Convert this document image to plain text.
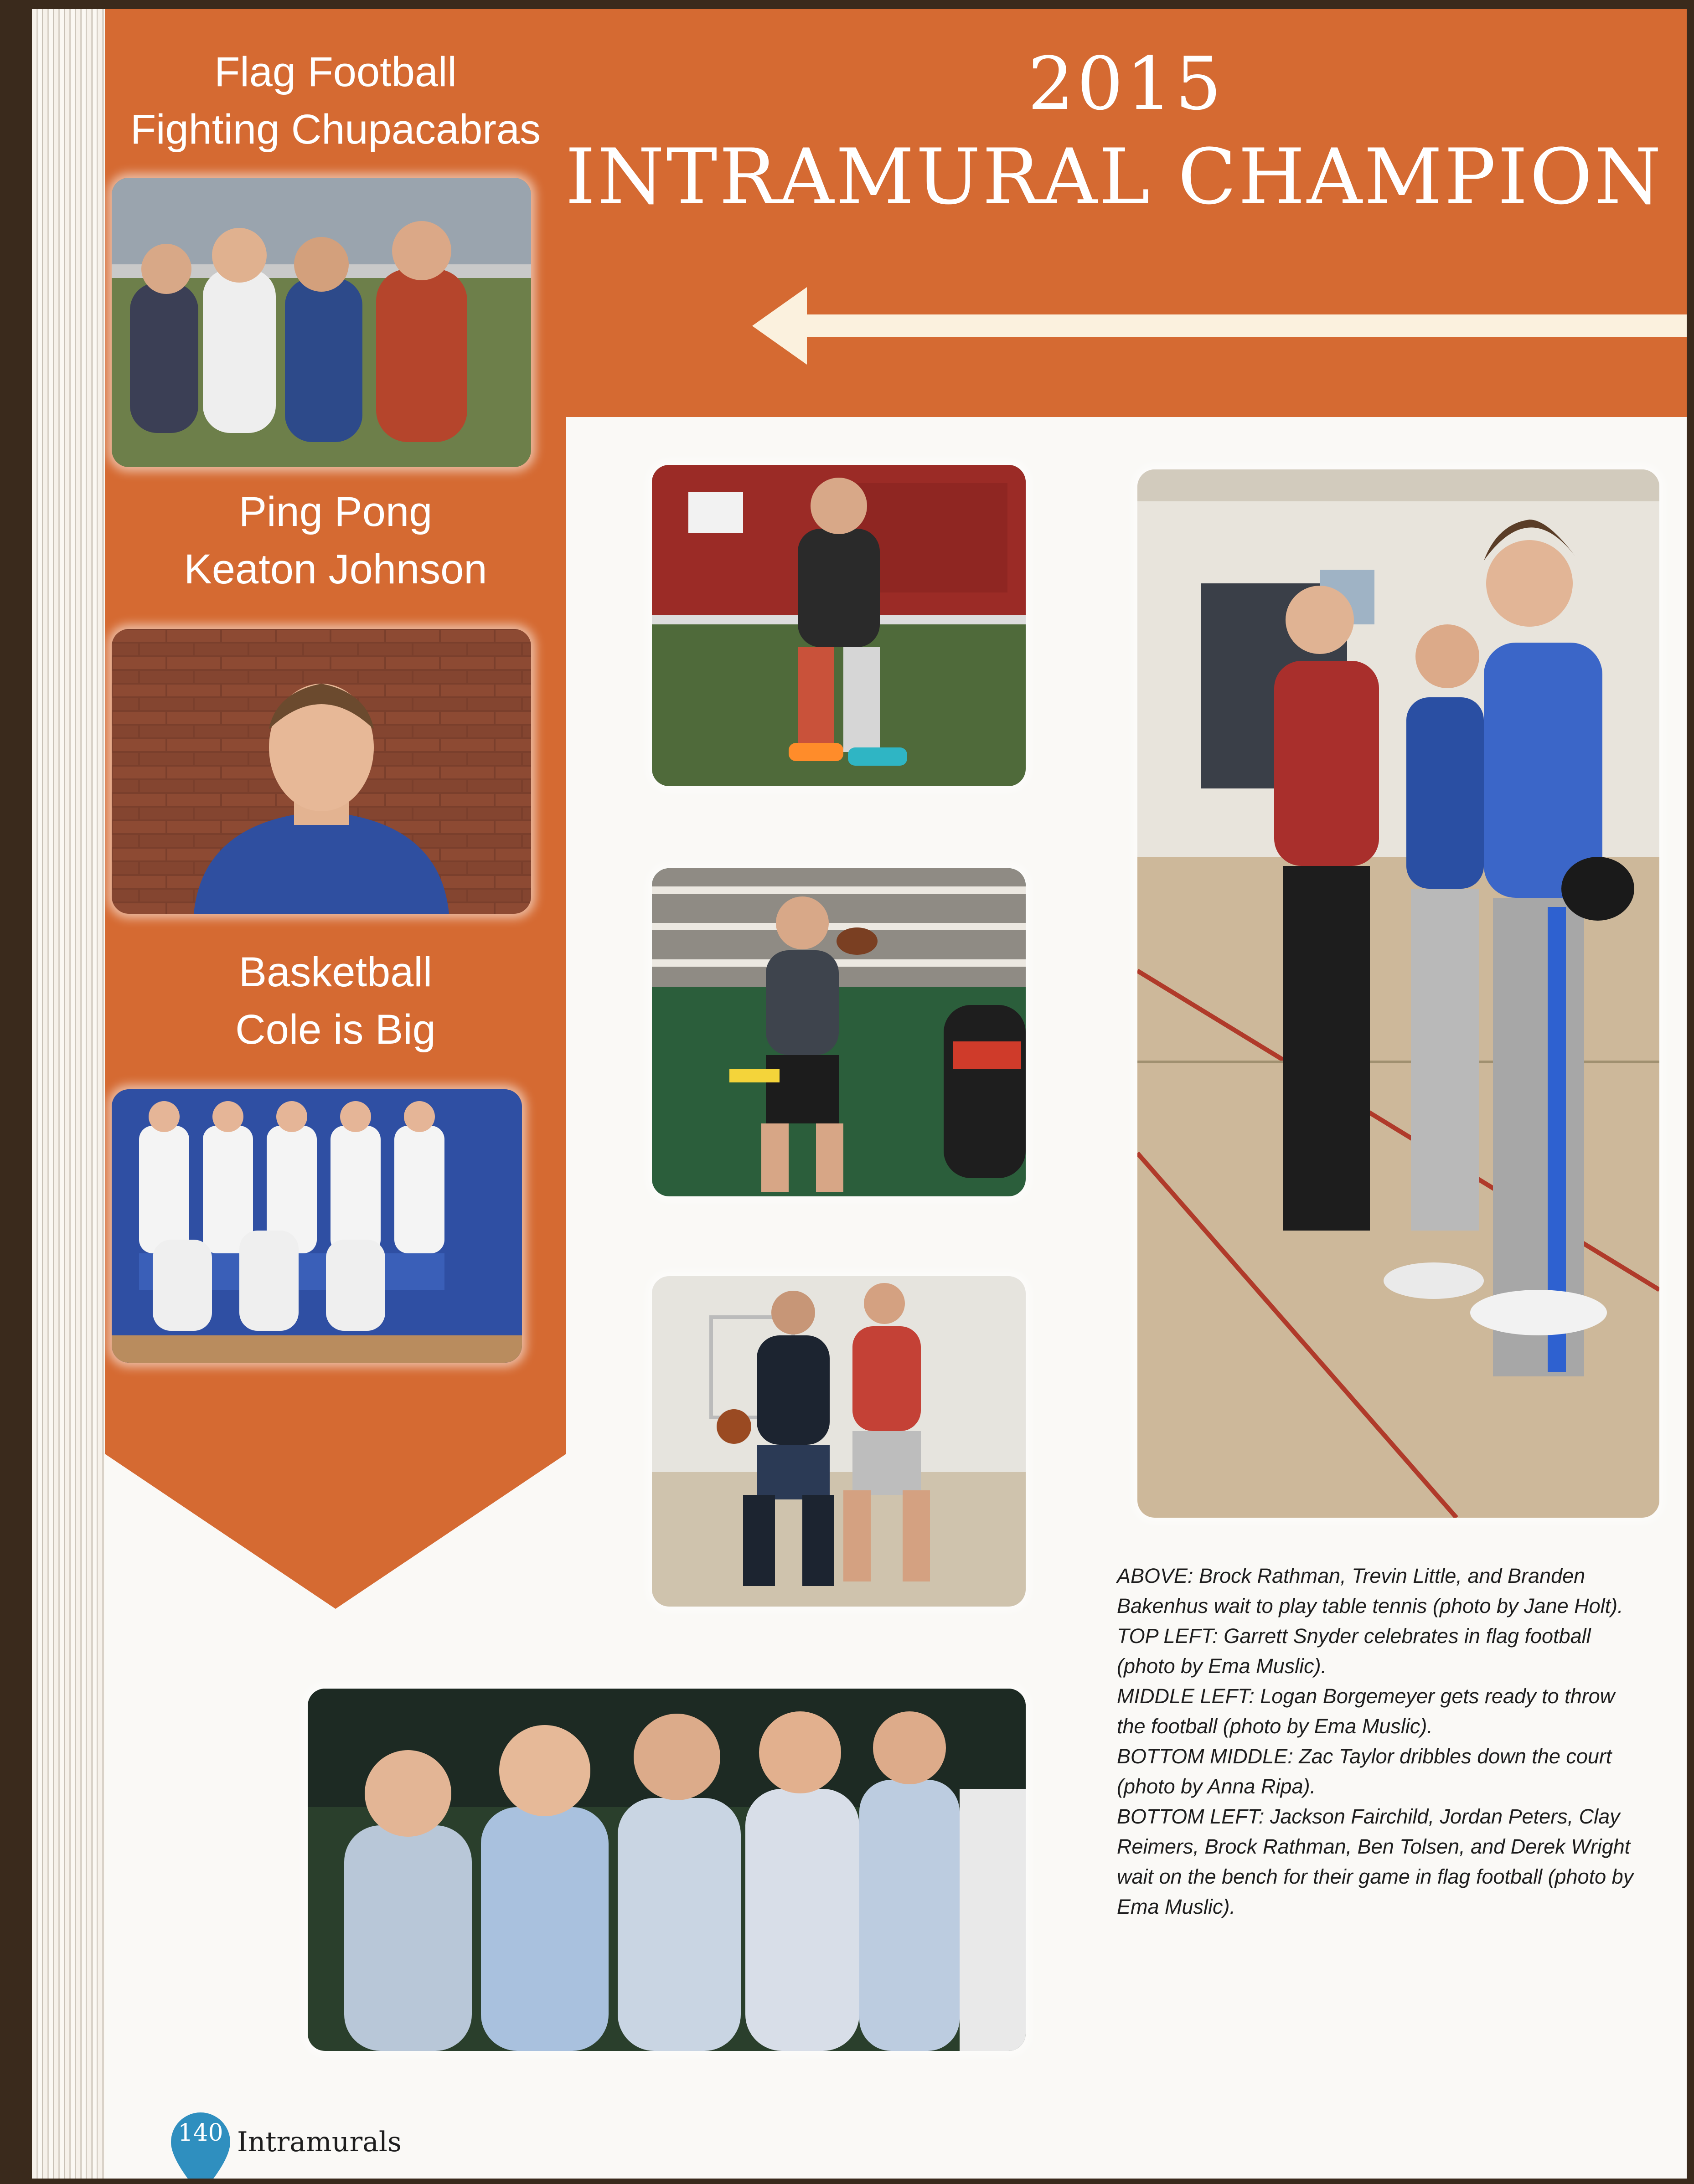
Flag Football
Fighting Chupacabras
Ping Pong
Keaton Johnson
Basketball
Cole is Big
2015
INTRAMURAL CHAMPION

ABOVE: Brock Rathman, Trevin Little, and Branden Bakenhus wait to play table tennis (photo by Jane Holt).

TOP LEFT: Garrett Snyder celebrates in flag football (photo by Ema Muslic).

MIDDLE LEFT: Logan Borgemeyer gets ready to throw the football (photo by Ema Muslic).

BOTTOM MIDDLE: Zac Taylor dribbles down the court (photo by Anna Ripa).

BOTTOM LEFT: Jackson Fairchild, Jordan Peters, Clay Reimers, Brock Rathman, Ben Tolsen, and Derek Wright wait on the bench for their game in flag football (photo by Ema Muslic).

140 Intramurals
